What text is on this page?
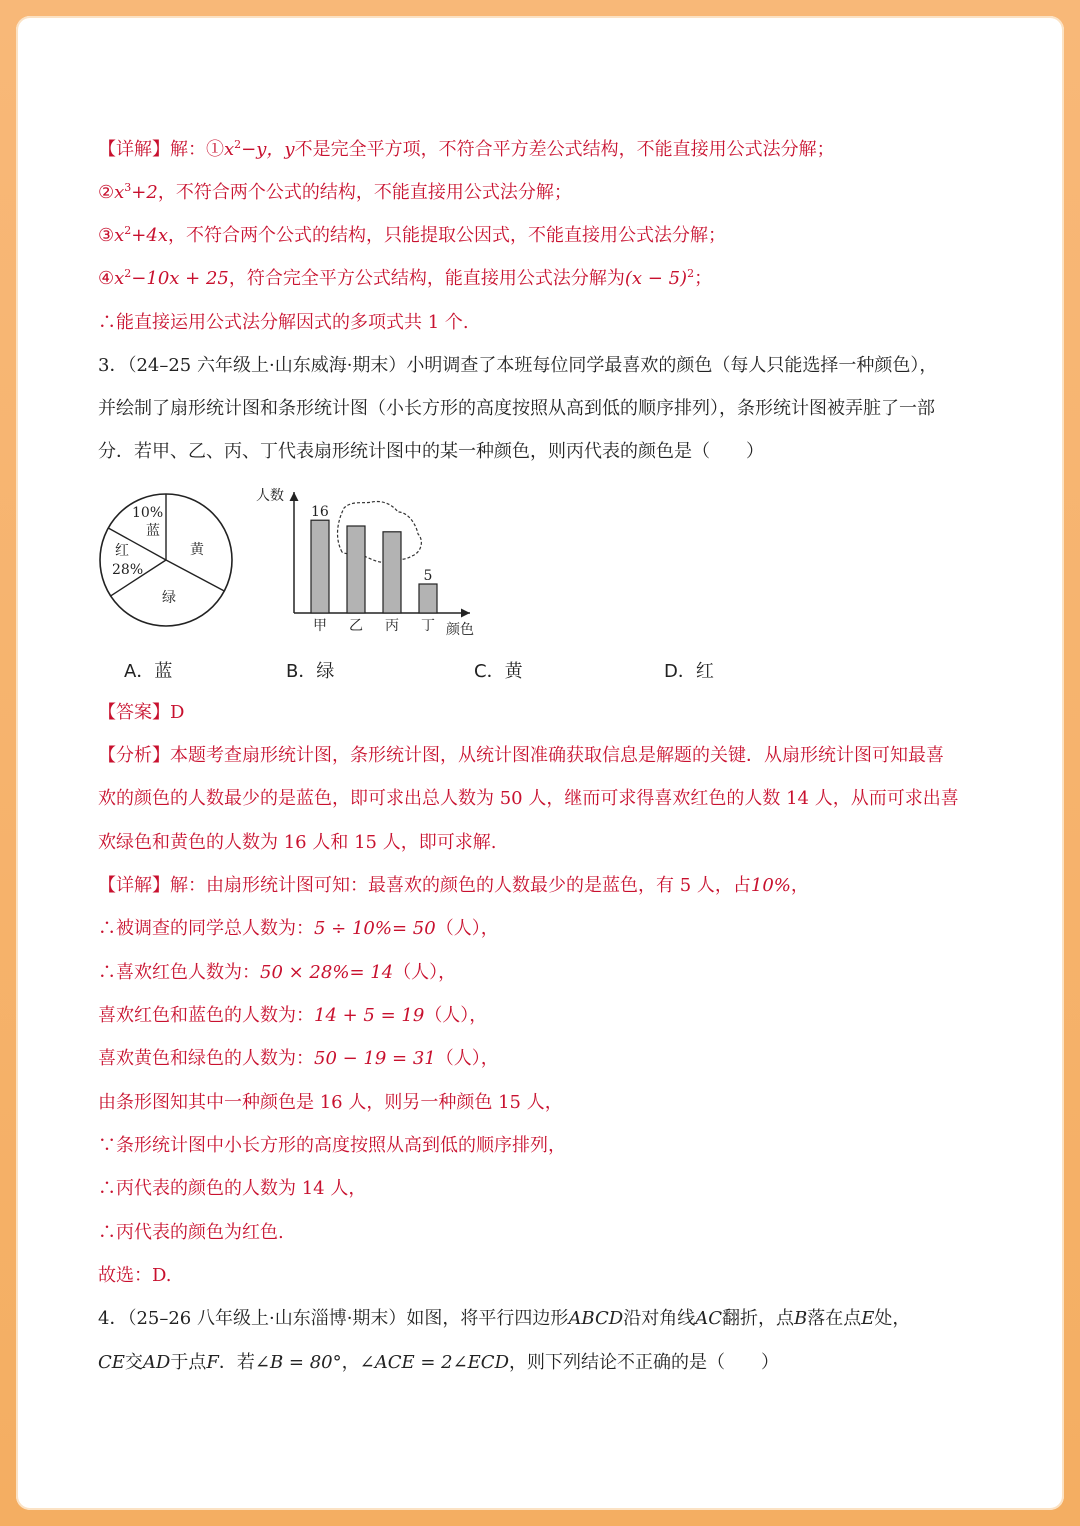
【详解】解：$①x^2-y$，y不是完全平方项，不符合平方差公式结构，不能直接用公式法分解；
$②x^3+2$，不符合两个公式的结构，不能直接用公式法分解；
$③x^2+4x$，不符合两个公式的结构，只能提取公因式，不能直接用公式法分解；
$④x^2-10x + 25$，符合完全平方公式结构，能直接用公式法分解为$(x - 5)^2$；
∴能直接运用公式法分解因式的多项式共 1 个.
3．（24–25 六年级上·山东威海·期末）小明调查了本班每位同学最喜欢的颜色（每人只能选择一种颜色），
并绘制了扇形统计图和条形统计图（小长方形的高度按照从高到低的顺序排列），条形统计图被弄脏了一部
分．若甲、乙、丙、丁代表扇形统计图中的某一种颜色，则丙代表的颜色是（　　）
10%
蓝
黄
绿
红
28%
人数
甲 乙 丙 丁
16
5
颜色
A．蓝	B．绿	C．黄	D．红
【答案】D
【分析】本题考查扇形统计图，条形统计图，从统计图准确获取信息是解题的关键．从扇形统计图可知最喜
欢的颜色的人数最少的是蓝色，即可求出总人数为 50 人，继而可求得喜欢红色的人数 14 人，从而可求出喜
欢绿色和黄色的人数为 16 人和 15 人，即可求解.
【详解】解：由扇形统计图可知：最喜欢的颜色的人数最少的是蓝色，有 5 人，占10%，
∴被调查的同学总人数为：5 ÷ 10%= 50（人），
∴喜欢红色人数为：50 × 28%= 14（人），
喜欢红色和蓝色的人数为：14 + 5 = 19（人），
喜欢黄色和绿色的人数为：50 − 19 = 31（人），
由条形图知其中一种颜色是 16 人，则另一种颜色 15 人，
∵条形统计图中小长方形的高度按照从高到低的顺序排列，
∴丙代表的颜色的人数为 14 人，
∴丙代表的颜色为红色.
故选：D.
4．（25–26 八年级上·山东淄博·期末）如图，将平行四边形ABCD沿对角线AC翻折，点B落在点E处，
CE交AD于点F．若∠B = 80°，∠ACE = 2∠ECD，则下列结论不正确的是（　　）
